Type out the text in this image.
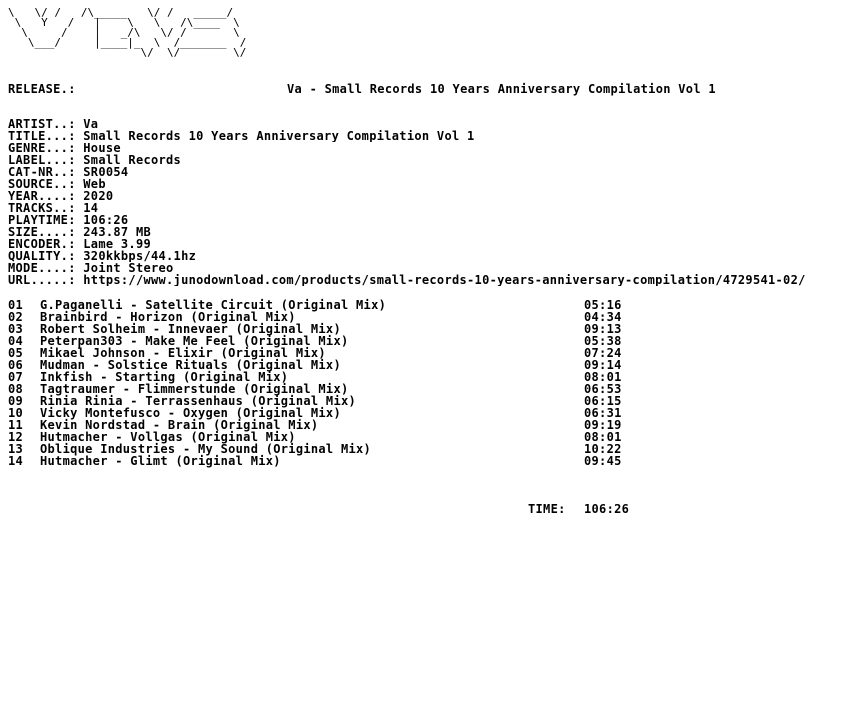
\   \/ /   /\_____   \/ /   _____/
\   Y   /   |    \   \   /\____  \
\     /    |   _/\   \/ /       \
\___/     |____|_  \  /_______  /
\/  \/        \/
RELEASE.:	Va - Small Records 10 Years Anniversary Compilation Vol 1
ARTIST..: Va
TITLE...: Small Records 10 Years Anniversary Compilation Vol 1
GENRE...: House
LABEL...: Small Records
CAT-NR..: SR0054
SOURCE..: Web
YEAR....: 2020
TRACKS..: 14
PLAYTIME: 106:26
SIZE....: 243.87 MB
ENCODER.: Lame 3.99
QUALITY.: 320kkbps/44.1hz
MODE....: Joint Stereo
URL.....: https://www.junodownload.com/products/small-records-10-years-anniversary-compilation/4729541-02/
01 G.Paganelli - Satellite Circuit (Original Mix)	05:16
02 Brainbird - Horizon (Original Mix)	04:34
03 Robert Solheim - Innevaer (Original Mix)	09:13
04 Peterpan303 - Make Me Feel (Original Mix)	05:38
05 Mikael Johnson - Elixir (Original Mix)	07:24
06 Mudman - Solstice Rituals (Original Mix)	09:14
07 Inkfish - Starting (Original Mix)	08:01
08 Tagtraumer - Flimmerstunde (Original Mix)	06:53
09 Rinia Rinia - Terrassenhaus (Original Mix)	06:15
10 Vicky Montefusco - Oxygen (Original Mix)	06:31
11 Kevin Nordstad - Brain (Original Mix)	09:19
12 Hutmacher - Vollgas (Original Mix)	08:01
13 Oblique Industries - My Sound (Original Mix)	10:22
14 Hutmacher - Glimt (Original Mix)	09:45
TIME: 106:26
